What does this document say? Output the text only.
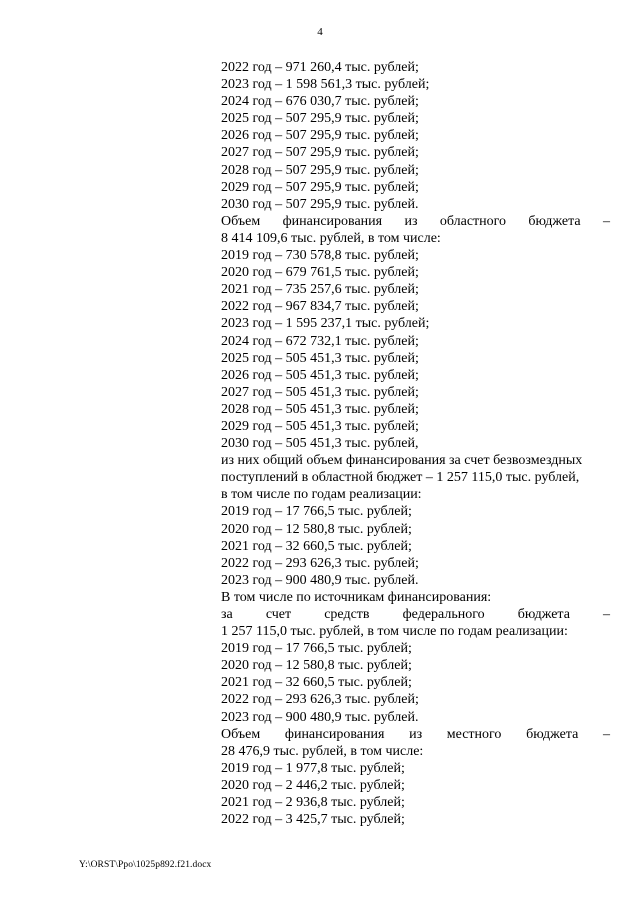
4

2022 год – 971 260,4 тыс. рублей;

2023 год – 1 598 561,3 тыс. рублей;

2024 год – 676 030,7 тыс. рублей;

2025 год – 507 295,9 тыс. рублей;

2026 год – 507 295,9 тыс. рублей;

2027 год – 507 295,9 тыс. рублей;

2028 год – 507 295,9 тыс. рублей;

2029 год – 507 295,9 тыс. рублей;

2030 год – 507 295,9 тыс. рублей.

Объем финансирования из областного бюджета –

8 414 109,6 тыс. рублей, в том числе:

2019 год – 730 578,8 тыс. рублей;

2020 год – 679 761,5 тыс. рублей;

2021 год – 735 257,6 тыс. рублей;

2022 год – 967 834,7 тыс. рублей;

2023 год – 1 595 237,1 тыс. рублей;

2024 год – 672 732,1 тыс. рублей;

2025 год – 505 451,3 тыс. рублей;

2026 год – 505 451,3 тыс. рублей;

2027 год – 505 451,3 тыс. рублей;

2028 год – 505 451,3 тыс. рублей;

2029 год – 505 451,3 тыс. рублей;

2030 год – 505 451,3 тыс. рублей,

из них общий объем финансирования за счет безвозмездных

поступлений в областной бюджет – 1 257 115,0 тыс. рублей,

в том числе по годам реализации:

2019 год – 17 766,5 тыс. рублей;

2020 год – 12 580,8 тыс. рублей;

2021 год – 32 660,5 тыс. рублей;

2022 год – 293 626,3 тыс. рублей;

2023 год – 900 480,9 тыс. рублей.

В том числе по источникам финансирования:

за счет средств федерального бюджета –

1 257 115,0 тыс. рублей, в том числе по годам реализации:

2019 год – 17 766,5 тыс. рублей;

2020 год – 12 580,8 тыс. рублей;

2021 год – 32 660,5 тыс. рублей;

2022 год – 293 626,3 тыс. рублей;

2023 год – 900 480,9 тыс. рублей.

Объем финансирования из местного бюджета –

28 476,9 тыс. рублей, в том числе:

2019 год – 1 977,8 тыс. рублей;

2020 год – 2 446,2 тыс. рублей;

2021 год – 2 936,8 тыс. рублей;

2022 год – 3 425,7 тыс. рублей;

Y:\ORST\Ppo\1025p892.f21.docx
